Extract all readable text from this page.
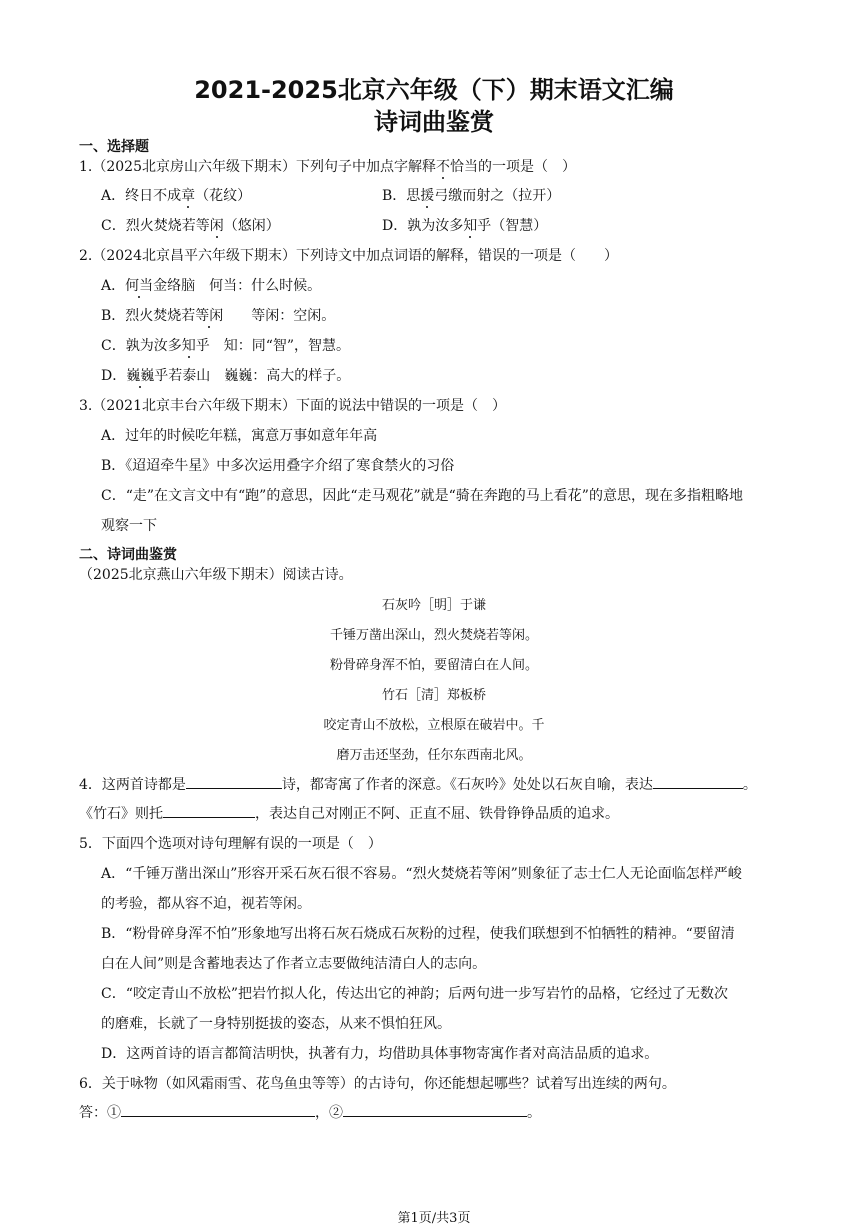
2021-2025北京六年级（下）期末语文汇编
诗词曲鉴赏
一、选择题
1.（2025北京房山六年级下期末）下列句子中加点字解释不恰当的一项是（　）
A．终日不成章（花纹）	B．思援弓缴而射之（拉开）
C．烈火焚烧若等闲（悠闲）	D．孰为汝多知乎（智慧）
2.（2024北京昌平六年级下期末）下列诗文中加点词语的解释，错误的一项是（　　）
A．何当金络脑　何当：什么时候。
B．烈火焚烧若等闲　　等闲：空闲。
C．孰为汝多知乎　知：同“智”，智慧。
D．巍巍乎若泰山　巍巍：高大的样子。
3.（2021北京丰台六年级下期末）下面的说法中错误的一项是（　）
A．过年的时候吃年糕，寓意万事如意年年高
B．《迢迢牵牛星》中多次运用叠字介绍了寒食禁火的习俗
C．“走”在文言文中有“跑”的意思，因此“走马观花”就是“骑在奔跑的马上看花”的意思，现在多指粗略地
观察一下
二、诗词曲鉴赏
（2025北京燕山六年级下期末）阅读古诗。
石灰吟［明］于谦
千锤万凿出深山，烈火焚烧若等闲。
粉骨碎身浑不怕，要留清白在人间。
竹石［清］郑板桥
咬定青山不放松，立根原在破岩中。千
磨万击还坚劲，任尔东西南北风。
4．这两首诗都是	诗，都寄寓了作者的深意。《石灰吟》处处以石灰自喻，表达	。
《竹石》则托	，表达自己对刚正不阿、正直不屈、铁骨铮铮品质的追求。
5．下面四个选项对诗句理解有误的一项是（　）
A．“千锤万凿出深山”形容开采石灰石很不容易。“烈火焚烧若等闲”则象征了志士仁人无论面临怎样严峻
的考验，都从容不迫，视若等闲。
B．“粉骨碎身浑不怕”形象地写出将石灰石烧成石灰粉的过程，使我们联想到不怕牺牲的精神。“要留清
白在人间”则是含蓄地表达了作者立志要做纯洁清白人的志向。
C．“咬定青山不放松”把岩竹拟人化，传达出它的神韵；后两句进一步写岩竹的品格，它经过了无数次
的磨难，长就了一身特别挺拔的姿态，从来不惧怕狂风。
D．这两首诗的语言都简洁明快，执著有力，均借助具体事物寄寓作者对高洁品质的追求。
6．关于咏物（如风霜雨雪、花鸟鱼虫等等）的古诗句，你还能想起哪些？试着写出连续的两句。
答：①	，②	。
第1页/共3页
